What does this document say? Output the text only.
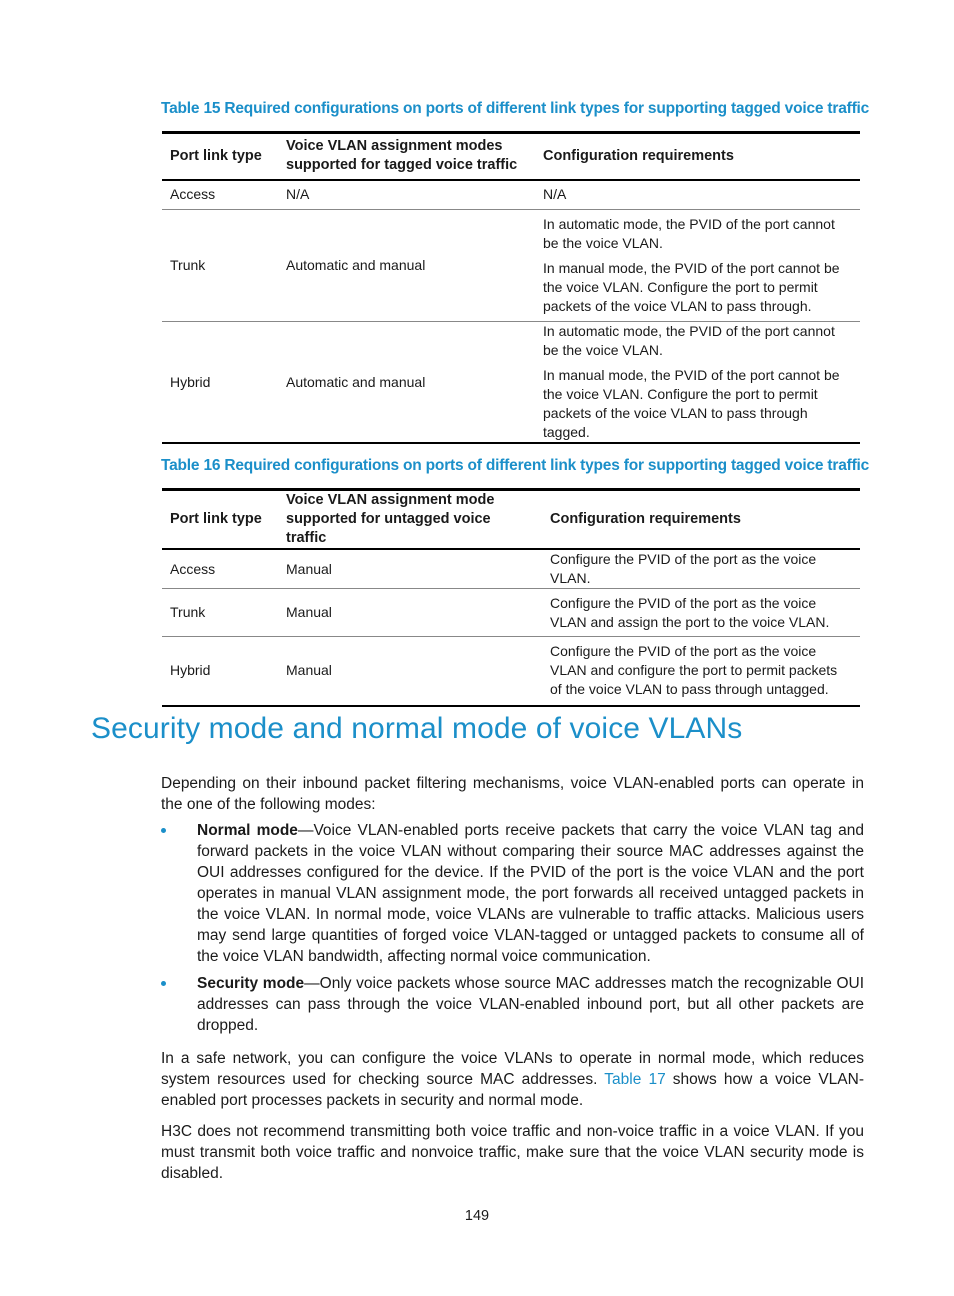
Table 15 Required configurations on ports of different link types for supporting tagged voice traffic
Port link type	Voice VLAN assignment modes supported for tagged voice traffic	Configuration requirements
Access	N/A	N/A

Trunk	Automatic and manual	In automatic mode, the PVID of the port cannot be the voice VLAN.

In manual mode, the PVID of the port cannot be the voice VLAN. Configure the port to permit packets of the voice VLAN to pass through.

Hybrid	Automatic and manual	In automatic mode, the PVID of the port cannot be the voice VLAN.

In manual mode, the PVID of the port cannot be the voice VLAN. Configure the port to permit packets of the voice VLAN to pass through tagged.

Table 16 Required configurations on ports of different link types for supporting tagged voice traffic
Port link type	Voice VLAN assignment mode supported for untagged voice traffic	Configuration requirements
Access	Manual	Configure the PVID of the port as the voice VLAN.
Trunk	Manual	Configure the PVID of the port as the voice VLAN and assign the port to the voice VLAN.
Hybrid	Manual	Configure the PVID of the port as the voice VLAN and configure the port to permit packets of the voice VLAN to pass through untagged.
Security mode and normal mode of voice VLANs

Depending on their inbound packet filtering mechanisms, voice VLAN-enabled ports can operate in the one of the following modes:

Normal mode—Voice VLAN-enabled ports receive packets that carry the voice VLAN tag and forward packets in the voice VLAN without comparing their source MAC addresses against the OUI addresses configured for the device. If the PVID of the port is the voice VLAN and the port operates in manual VLAN assignment mode, the port forwards all received untagged packets in the voice VLAN. In normal mode, voice VLANs are vulnerable to traffic attacks. Malicious users may send large quantities of forged voice VLAN-tagged or untagged packets to consume all of the voice VLAN bandwidth, affecting normal voice communication.
Security mode—Only voice packets whose source MAC addresses match the recognizable OUI addresses can pass through the voice VLAN-enabled inbound port, but all other packets are dropped.

In a safe network, you can configure the voice VLANs to operate in normal mode, which reduces system resources used for checking source MAC addresses. Table 17 shows how a voice VLAN-enabled port processes packets in security and normal mode.

H3C does not recommend transmitting both voice traffic and non-voice traffic in a voice VLAN. If you must transmit both voice traffic and nonvoice traffic, make sure that the voice VLAN security mode is disabled.

149
